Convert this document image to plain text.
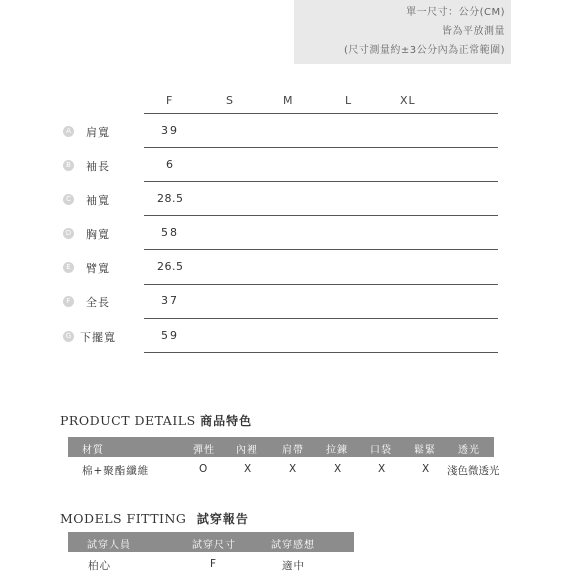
單一尺寸：公分(CM)
皆為平放測量
(尺寸測量約±3公分內為正常範圍)
F	S	M	L	XL
A 肩寬	39
B 袖長	6
C 袖寬	28.5
D 胸寬	58
E 臂寬	26.5
F	全長	37
G 下擺寬	59
PRODUCT DETAILS 商品特色
材質	彈性 內裡 肩帶 拉鍊 口袋 鬆緊 透光
棉+聚酯纖維	O	X	X	X	X	X 淺色微透光
MODELS FITTING 試穿報告
試穿人員	試穿尺寸	試穿感想
柏心	F	適中
